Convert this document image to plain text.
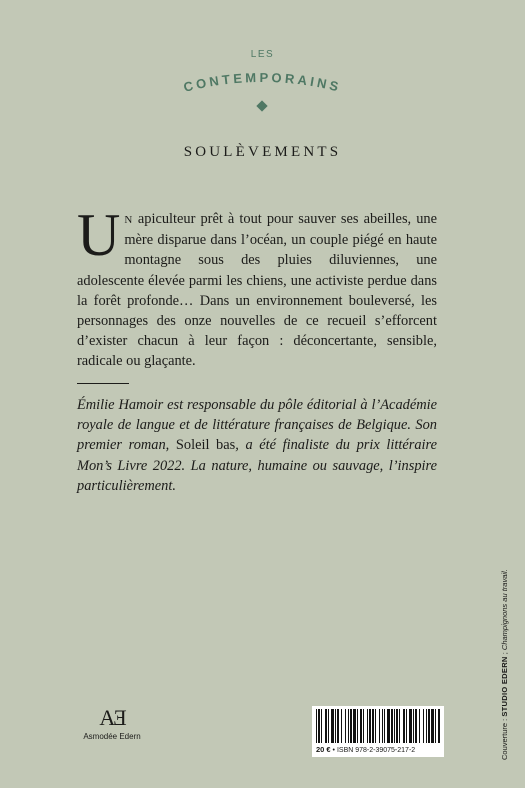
LES
CONTEMPORAINS
SOULÈVEMENTS
U N apiculteur prêt à tout pour sauver ses abeilles, une mère disparue dans l’océan, un couple piégé en haute montagne sous des pluies diluviennes, une adolescente élevée parmi les chiens, une activiste perdue dans la forêt profonde… Dans un environnement bouleversé, les personnages des onze nouvelles de ce recueil s’efforcent d’exister chacun à leur façon : déconcertante, sensible, radicale ou glaçante.
Émilie Hamoir est responsable du pôle éditorial à l’Académie royale de langue et de littérature françaises de Belgique. Son premier roman, Soleil bas, a été finaliste du prix littéraire Mon’s Livre 2022. La nature, humaine ou sauvage, l’inspire particulièrement.
AƎ
Asmodée Edern
20 € • ISBN 978-2-39075-217-2	Couverture : STUDIO EDERN ; Champignons au travail.
